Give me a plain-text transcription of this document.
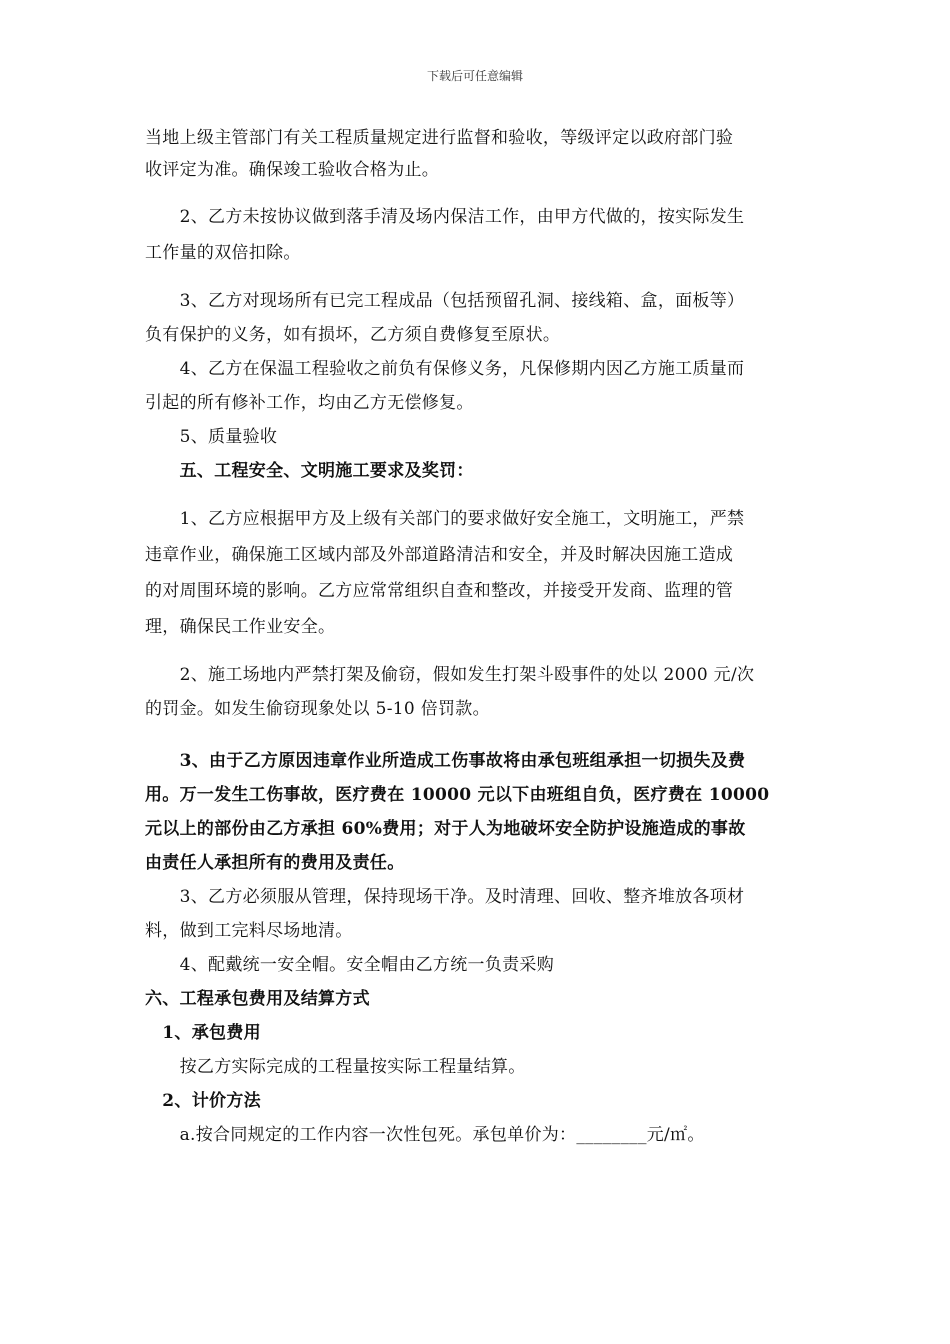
下载后可任意编辑

当地上级主管部门有关工程质量规定进行监督和验收，等级评定以政府部门验

收评定为准。确保竣工验收合格为止。

　　2、乙方未按协议做到落手清及场内保洁工作，由甲方代做的，按实际发生

工作量的双倍扣除。

　　3、乙方对现场所有已完工程成品（包括预留孔洞、接线箱、盒，面板等）

负有保护的义务，如有损坏，乙方须自费修复至原状。

　　4、乙方在保温工程验收之前负有保修义务，凡保修期内因乙方施工质量而

引起的所有修补工作，均由乙方无偿修复。

　　5、质量验收

　　五、工程安全、文明施工要求及奖罚：

　　1、乙方应根据甲方及上级有关部门的要求做好安全施工，文明施工，严禁

违章作业，确保施工区域内部及外部道路清洁和安全，并及时解决因施工造成

的对周围环境的影响。乙方应常常组织自查和整改，并接受开发商、监理的管

理，确保民工作业安全。

　　2、施工场地内严禁打架及偷窃，假如发生打架斗殴事件的处以 2000 元/次

的罚金。如发生偷窃现象处以 5-10 倍罚款。

　　3、由于乙方原因违章作业所造成工伤事故将由承包班组承担一切损失及费

用。万一发生工伤事故，医疗费在 10000 元以下由班组自负，医疗费在 10000

元以上的部份由乙方承担 60%费用；对于人为地破坏安全防护设施造成的事故

由责任人承担所有的费用及责任。

　　3、乙方必须服从管理，保持现场干净。及时清理、回收、整齐堆放各项材

料，做到工完料尽场地清。

　　4、配戴统一安全帽。安全帽由乙方统一负责采购

六、工程承包费用及结算方式

　1、承包费用

　　按乙方实际完成的工程量按实际工程量结算。

　2、计价方法

　　a.按合同规定的工作内容一次性包死。承包单价为：________元/㎡。
